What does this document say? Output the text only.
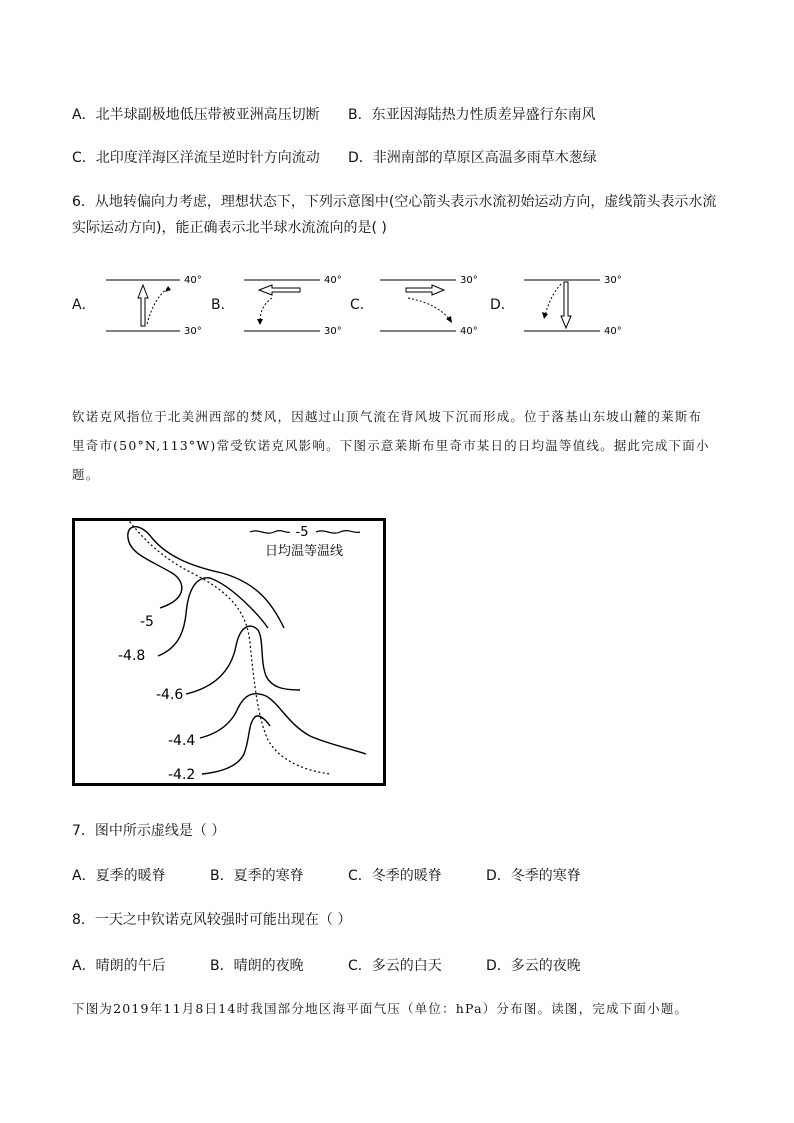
A．北半球副极地低压带被亚洲高压切断 B．东亚因海陆热力性质差异盛行东南风
C．北印度洋海区洋流呈逆时针方向流动 D．非洲南部的草原区高温多雨草木葱绿
6．从地转偏向力考虑，理想状态下，下列示意图中(空心箭头表示水流初始运动方向，虚线箭头表示水流
实际运动方向)，能正确表示北半球水流流向的是( )
A．	B．	C．	D．
40°
30°
40°
30°
30°
40°
30°
40°
钦诺克风指位于北美洲西部的焚风，因越过山顶气流在背风坡下沉而形成。位于落基山东坡山麓的莱斯布
里奇市(50°N,113°W)常受钦诺克风影响。下图示意莱斯布里奇市某日的日均温等值线。据此完成下面小
题。
-5
日均温等温线
-5
-4.8
-4.6
-4.4
-4.2
7．图中所示虚线是（ ）
A．夏季的暖脊	B．夏季的寒脊	C．冬季的暖脊	D．冬季的寒脊
8．一天之中钦诺克风较强时可能出现在（ ）
A．晴朗的午后	B．晴朗的夜晚	C．多云的白天	D．多云的夜晚
下图为2019年11月8日14时我国部分地区海平面气压（单位：hPa）分布图。读图，完成下面小题。
